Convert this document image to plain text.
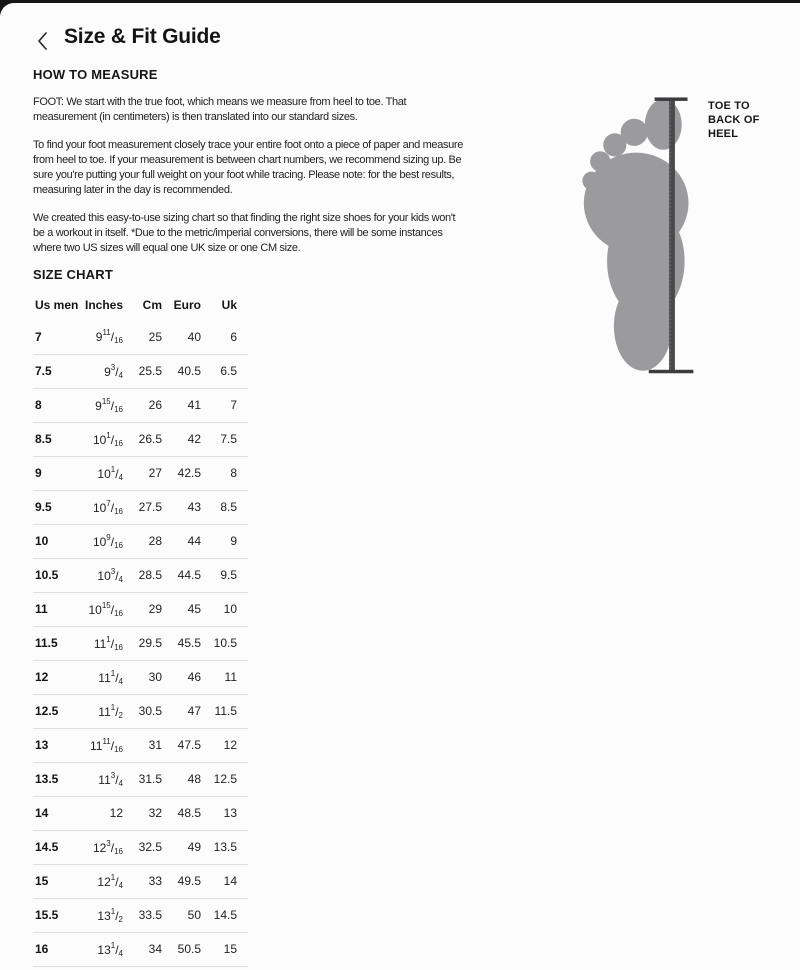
Size & Fit Guide
HOW TO MEASURE

FOOT: We start with the true foot, which means we measure from heel to toe. That measurement (in centimeters) is then translated into our standard sizes.

To find your foot measurement closely trace your entire foot onto a piece of paper and measure from heel to toe. If your measurement is between chart numbers, we recommend sizing up. Be sure you're putting your full weight on your foot while tracing. Please note: for the best results, measuring later in the day is recommended.

We created this easy-to-use sizing chart so that finding the right size shoes for your kids won't be a workout in itself. *Due to the metric/imperial conversions, there will be some instances where two US sizes will equal one UK size or one CM size.

SIZE CHART
Us men	Inches	Cm	Euro	Uk
7	$9^{11}/_{16}$	25	40	6
7.5	$9^3/_4$	25.5	40.5	6.5
8	$9^{15}/_{16}$	26	41	7
8.5	$10^1/_{16}$	26.5	42	7.5
9	$10^1/_4$	27	42.5	8
9.5	$10^7/_{16}$	27.5	43	8.5
10	$10^9/_{16}$	28	44	9
10.5	$10^3/_4$	28.5	44.5	9.5
11	$10^{15}/_{16}$	29	45	10
11.5	$11^1/_{16}$	29.5	45.5	10.5
12	$11^1/_4$	30	46	11
12.5	$11^1/_2$	30.5	47	11.5
13	$11^{11}/_{16}$	31	47.5	12
13.5	$11^3/_4$	31.5	48	12.5
14	12	32	48.5	13
14.5	$12^3/_{16}$	32.5	49	13.5
15	$12^1/_4$	33	49.5	14
15.5	$13^1/_2$	33.5	50	14.5
16	$13^1/_4$	34	50.5	15
TOE TO BACK OF HEEL
